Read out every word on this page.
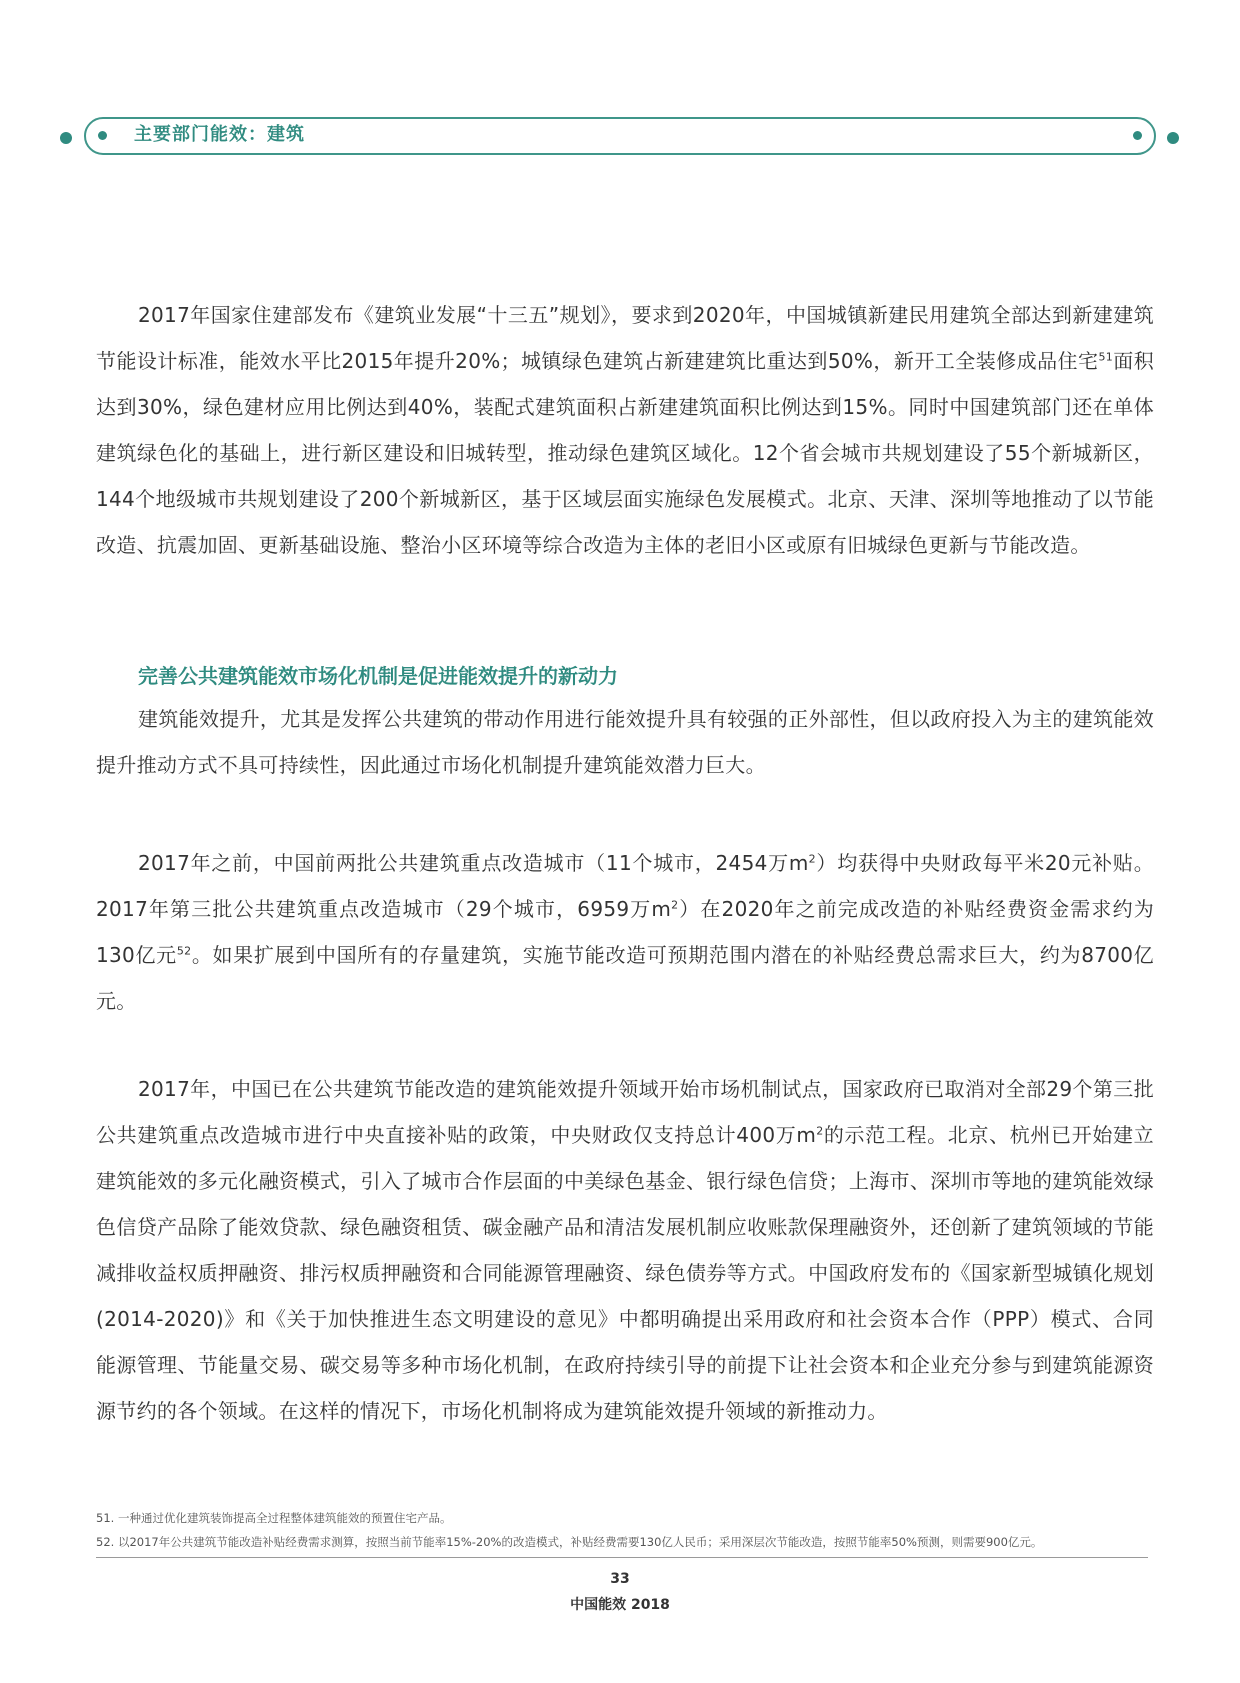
主要部门能效：建筑

2017年国家住建部发布《建筑业发展“十三五”规划》，要求到2020年，中国城镇新建民用建筑全部达到新建建筑节能设计标准，能效水平比2015年提升20%；城镇绿色建筑占新建建筑比重达到50%，新开工全装修成品住宅$^{51}$面积达到30%，绿色建材应用比例达到40%，装配式建筑面积占新建建筑面积比例达到15%。同时中国建筑部门还在单体建筑绿色化的基础上，进行新区建设和旧城转型，推动绿色建筑区域化。12个省会城市共规划建设了55个新城新区，144个地级城市共规划建设了200个新城新区，基于区域层面实施绿色发展模式。北京、天津、深圳等地推动了以节能改造、抗震加固、更新基础设施、整治小区环境等综合改造为主体的老旧小区或原有旧城绿色更新与节能改造。

完善公共建筑能效市场化机制是促进能效提升的新动力

建筑能效提升，尤其是发挥公共建筑的带动作用进行能效提升具有较强的正外部性，但以政府投入为主的建筑能效提升推动方式不具可持续性，因此通过市场化机制提升建筑能效潜力巨大。

2017年之前，中国前两批公共建筑重点改造城市（11个城市，2454万$m^2$）均获得中央财政每平米20元补贴。2017年第三批公共建筑重点改造城市（29个城市，6959万$m^2$）在2020年之前完成改造的补贴经费资金需求约为130亿元$^{52}$。如果扩展到中国所有的存量建筑，实施节能改造可预期范围内潜在的补贴经费总需求巨大，约为8700亿元。

2017年，中国已在公共建筑节能改造的建筑能效提升领域开始市场机制试点，国家政府已取消对全部29个第三批公共建筑重点改造城市进行中央直接补贴的政策，中央财政仅支持总计400万$m^2$的示范工程。北京、杭州已开始建立建筑能效的多元化融资模式，引入了城市合作层面的中美绿色基金、银行绿色信贷；上海市、深圳市等地的建筑能效绿色信贷产品除了能效贷款、绿色融资租赁、碳金融产品和清洁发展机制应收账款保理融资外，还创新了建筑领域的节能减排收益权质押融资、排污权质押融资和合同能源管理融资、绿色债券等方式。中国政府发布的《国家新型城镇化规划(2014-2020)》和《关于加快推进生态文明建设的意见》中都明确提出采用政府和社会资本合作（PPP）模式、合同能源管理、节能量交易、碳交易等多种市场化机制，在政府持续引导的前提下让社会资本和企业充分参与到建筑能源资源节约的各个领域。在这样的情况下，市场化机制将成为建筑能效提升领域的新推动力。

51. 一种通过优化建筑装饰提高全过程整体建筑能效的预置住宅产品。
52. 以2017年公共建筑节能改造补贴经费需求测算，按照当前节能率15%-20%的改造模式，补贴经费需要130亿人民币；采用深层次节能改造，按照节能率50%预测，则需要900亿元。
33
中国能效 2018
